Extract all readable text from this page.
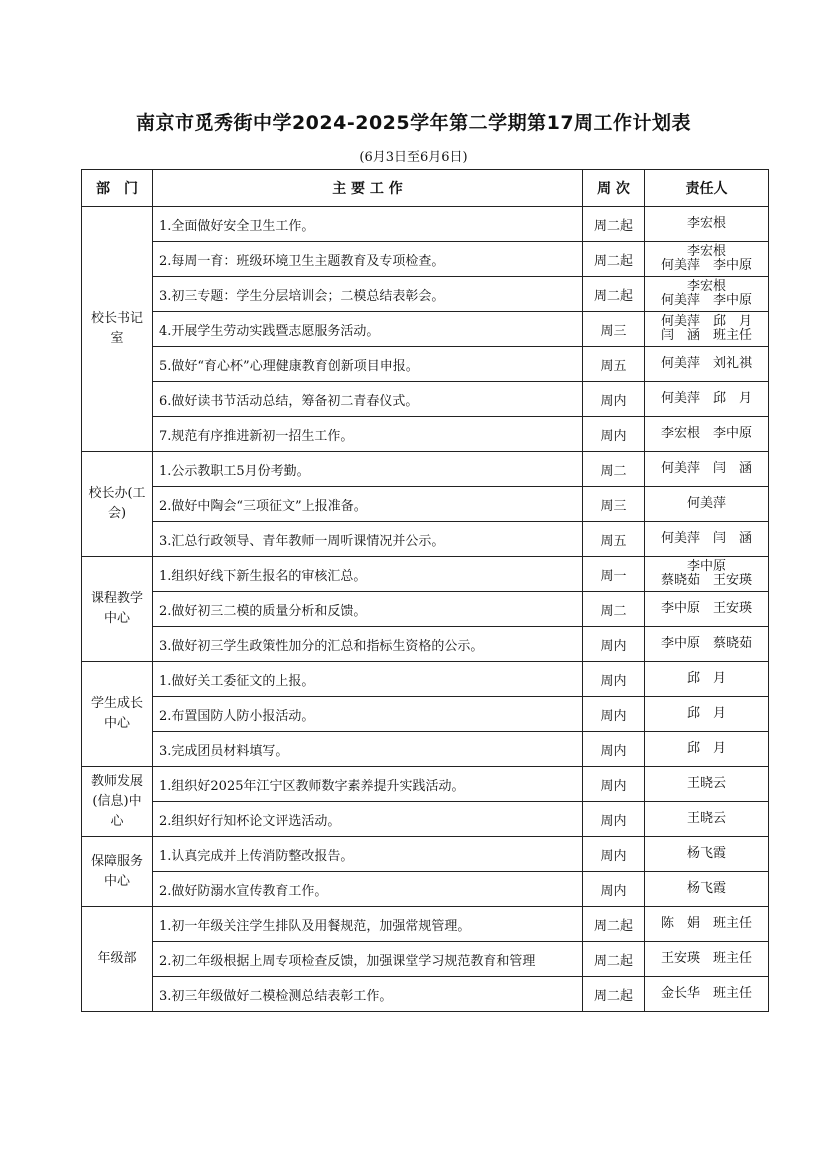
南京市觅秀街中学2024-2025学年第二学期第17周工作计划表
(6月3日至6月6日)
部　门	主 要 工 作	周 次	责任人
校长书记室	1.全面做好安全卫生工作。	周二起	李宏根
	2.每周一育：班级环境卫生主题教育及专项检查。	周二起	李宏根
何美萍　李中原
	3.初三专题：学生分层培训会；二模总结表彰会。	周二起	李宏根
何美萍　李中原
	4.开展学生劳动实践暨志愿服务活动。	周三	何美萍　邱　月
闫　涵　班主任
	5.做好“育心杯”心理健康教育创新项目申报。	周五	何美萍　刘礼祺
	6.做好读书节活动总结，筹备初二青春仪式。	周内	何美萍　邱　月
	7.规范有序推进新初一招生工作。	周内	李宏根　李中原
校长办(工会)	1.公示教职工5月份考勤。	周二	何美萍　闫　涵
	2.做好中陶会“三项征文”上报准备。	周三	何美萍
	3.汇总行政领导、青年教师一周听课情况并公示。	周五	何美萍　闫　涵
课程教学中心	1.组织好线下新生报名的审核汇总。	周一	李中原
蔡晓茹　王安瑛
	2.做好初三二模的质量分析和反馈。	周二	李中原　王安瑛
	3.做好初三学生政策性加分的汇总和指标生资格的公示。	周内	李中原　蔡晓茹
学生成长中心	1.做好关工委征文的上报。	周内	邱　月
	2.布置国防人防小报活动。	周内	邱　月
	3.完成团员材料填写。	周内	邱　月
教师发展(信息)中心	1.组织好2025年江宁区教师数字素养提升实践活动。	周内	王晓云
	2.组织好行知杯论文评选活动。	周内	王晓云
保障服务中心	1.认真完成并上传消防整改报告。	周内	杨飞霞
	2.做好防溺水宣传教育工作。	周内	杨飞霞
年级部	1.初一年级关注学生排队及用餐规范，加强常规管理。	周二起	陈　娟　班主任
	2.初二年级根据上周专项检查反馈，加强课堂学习规范教育和管理	周二起	王安瑛　班主任
	3.初三年级做好二模检测总结表彰工作。	周二起	金长华　班主任
